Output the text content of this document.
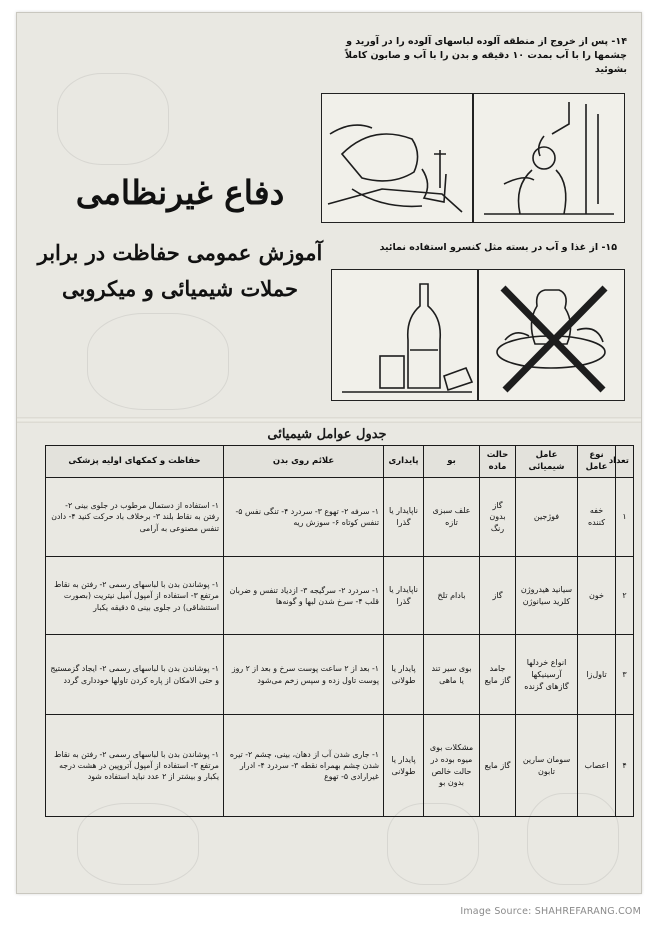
دفاع غیرنظامی
آموزش عمومی حفاظت در برابر
حملات شیمیائی و میکروبی
۱۴- پس از خروج از منطقه آلوده لباسهای آلوده را در آورید و چشمها را با آب بمدت ۱۰ دقیقه و بدن را با آب و صابون کاملاً بشوئید
۱۵- از غذا و آب در بسته مثل کنسرو استفاده نمائید
جدول عوامل شیمیائی
تعداد	نوع عامل	عامل شیمیائی	حالت ماده	بو	پایداری	علائم روی بدن	حفاظت و کمکهای اولیه پزشکی
۱	خفه کننده	فوژجین	گاز بدون رنگ	علف سبزی تازه	ناپایدار یا گذرا	۱- سرفه ۲- تهوع ۳- سردرد ۴- تنگی نفس ۵- تنفس کوتاه ۶- سوزش ریه	۱- استفاده از دستمال مرطوب در جلوی بینی ۲- رفتن به نقاط بلند ۳- برخلاف باد حرکت کنید ۴- دادن تنفس مصنوعی به آرامی
۲	خون	سیانید هیدروژن کلرید سیانوژن	گاز	بادام تلخ	ناپایدار یا گذرا	۱- سردرد ۲- سرگیجه ۳- ازدیاد تنفس و ضربان قلب ۴- سرخ شدن لبها و گونه‌ها	۱- پوشاندن بدن با لباسهای رسمی ۲- رفتن به نقاط مرتفع ۳- استفاده از آمپول آمیل نیتریت (بصورت استنشاقی) در جلوی بینی ۵ دقیقه یکبار
۳	تاول‌زا	انواع خردلها آرسینیکها گازهای گزنده	جامد گاز مایع	بوی سیر تند یا ماهی	پایدار یا طولانی	۱- بعد از ۲ ساعت پوست سرخ و بعد از ۲ روز پوست تاول زده و سپس زخم می‌شود	۱- پوشاندن بدن با لباسهای رسمی ۲- ایجاد گزمستیج و حتی الامکان از پاره کردن تاولها خودداری گردد
۴	اعصاب	سومان سارین تابون	گاز مایع	مشکلات بوی میوه بوده در حالت خالص بدون بو	پایدار یا طولانی	۱- جاری شدن آب از دهان، بینی، چشم ۲- تیره شدن چشم بهمراه نقطه ۳- سردرد ۴- ادرار غیرارادی ۵- تهوع	۱- پوشاندن بدن با لباسهای رسمی ۲- رفتن به نقاط مرتفع ۳- استفاده از آمپول آتروپین در هشت درجه یکبار و بیشتر از ۲ عدد نباید استفاده شود
Image Source: SHAHREFARANG.COM
